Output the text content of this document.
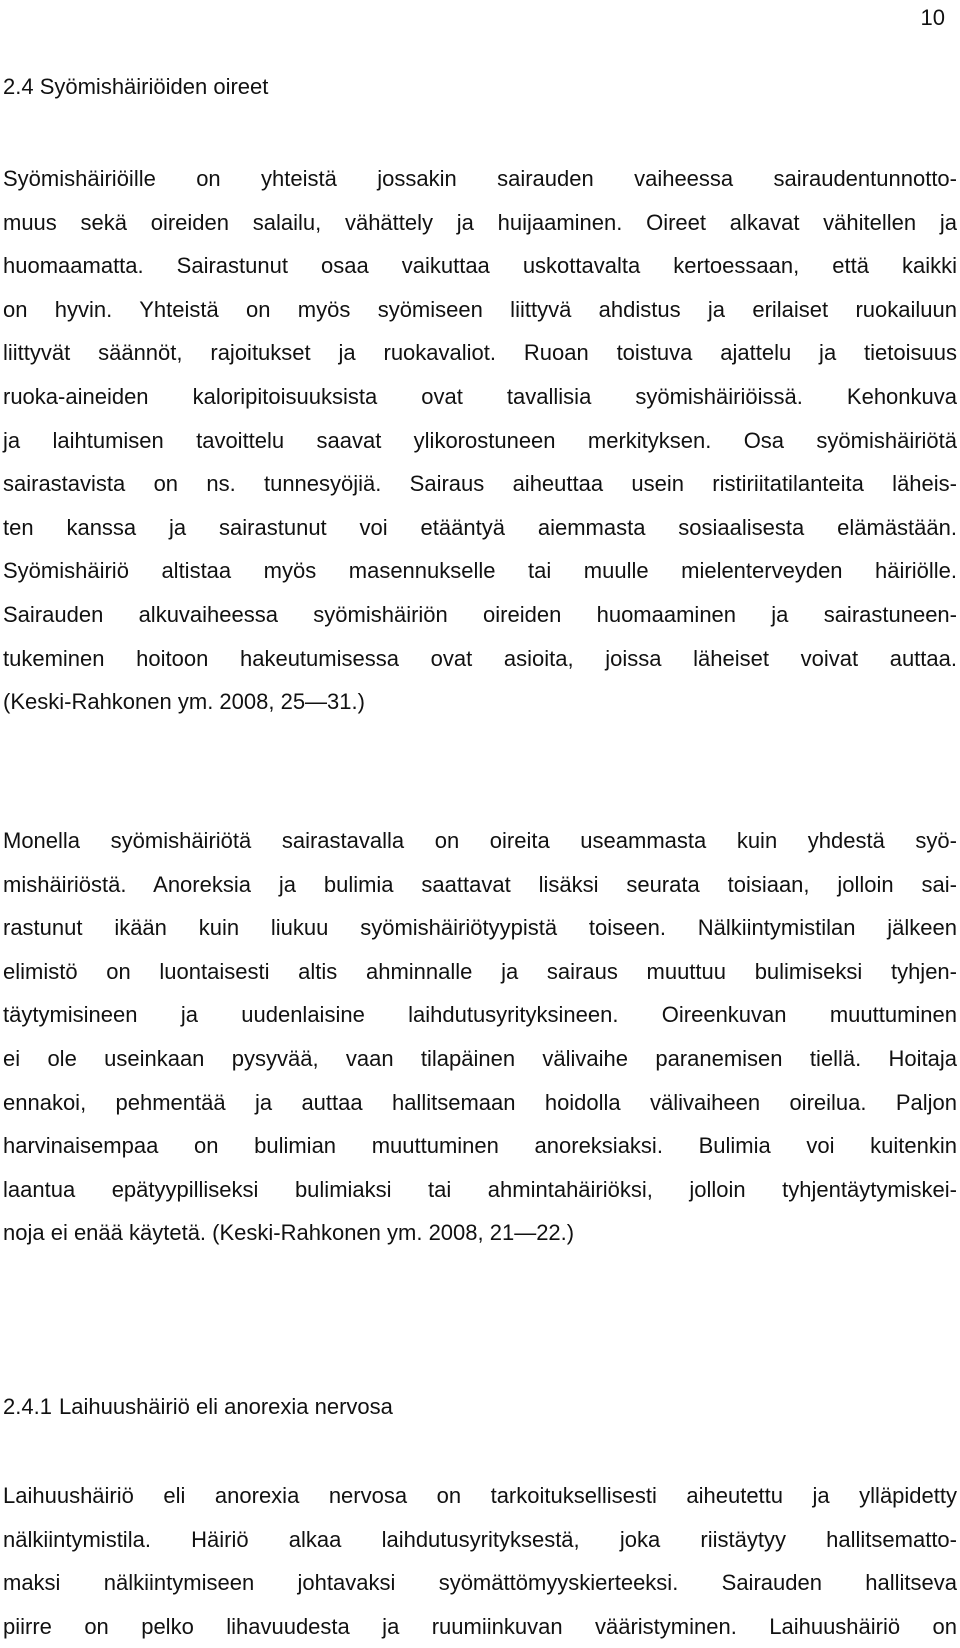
10
2.4 Syömishäiriöiden oireet
Syömishäiriöille on yhteistä jossakin sairauden vaiheessa sairaudentunnotto-
muus sekä oireiden salailu, vähättely ja huijaaminen. Oireet alkavat vähitellen ja
huomaamatta. Sairastunut osaa vaikuttaa uskottavalta kertoessaan, että kaikki
on hyvin. Yhteistä on myös syömiseen liittyvä ahdistus ja erilaiset ruokailuun
liittyvät säännöt, rajoitukset ja ruokavaliot. Ruoan toistuva ajattelu ja tietoisuus
ruoka-aineiden kaloripitoisuuksista ovat tavallisia syömishäiriöissä. Kehonkuva
ja laihtumisen tavoittelu saavat ylikorostuneen merkityksen. Osa syömishäiriötä
sairastavista on ns. tunnesyöjiä. Sairaus aiheuttaa usein ristiriitatilanteita läheis-
ten kanssa ja sairastunut voi etääntyä aiemmasta sosiaalisesta elämästään.
Syömishäiriö altistaa myös masennukselle tai muulle mielenterveyden häiriölle.
Sairauden alkuvaiheessa syömishäiriön oireiden huomaaminen ja sairastuneen-
tukeminen hoitoon hakeutumisessa ovat asioita, joissa läheiset voivat auttaa.
(Keski-Rahkonen ym. 2008, 25—31.)
Monella syömishäiriötä sairastavalla on oireita useammasta kuin yhdestä syö-
mishäiriöstä. Anoreksia ja bulimia saattavat lisäksi seurata toisiaan, jolloin sai-
rastunut ikään kuin liukuu syömishäiriötyypistä toiseen. Nälkiintymistilan jälkeen
elimistö on luontaisesti altis ahminnalle ja sairaus muuttuu bulimiseksi tyhjen-
täytymisineen ja uudenlaisine laihdutusyrityksineen. Oireenkuvan muuttuminen
ei ole useinkaan pysyvää, vaan tilapäinen välivaihe paranemisen tiellä. Hoitaja
ennakoi, pehmentää ja auttaa hallitsemaan hoidolla välivaiheen oireilua. Paljon
harvinaisempaa on bulimian muuttuminen anoreksiaksi. Bulimia voi kuitenkin
laantua epätyypilliseksi bulimiaksi tai ahmintahäiriöksi, jolloin tyhjentäytymiskei-
noja ei enää käytetä. (Keski-Rahkonen ym. 2008, 21—22.)
2.4.1 Laihuushäiriö eli anorexia nervosa
Laihuushäiriö eli anorexia nervosa on tarkoituksellisesti aiheutettu ja ylläpidetty
nälkiintymistila. Häiriö alkaa laihdutusyrityksestä, joka riistäytyy hallitsematto-
maksi nälkiintymiseen johtavaksi syömättömyyskierteeksi. Sairauden hallitseva
piirre on pelko lihavuudesta ja ruumiinkuvan vääristyminen. Laihuushäiriö on
